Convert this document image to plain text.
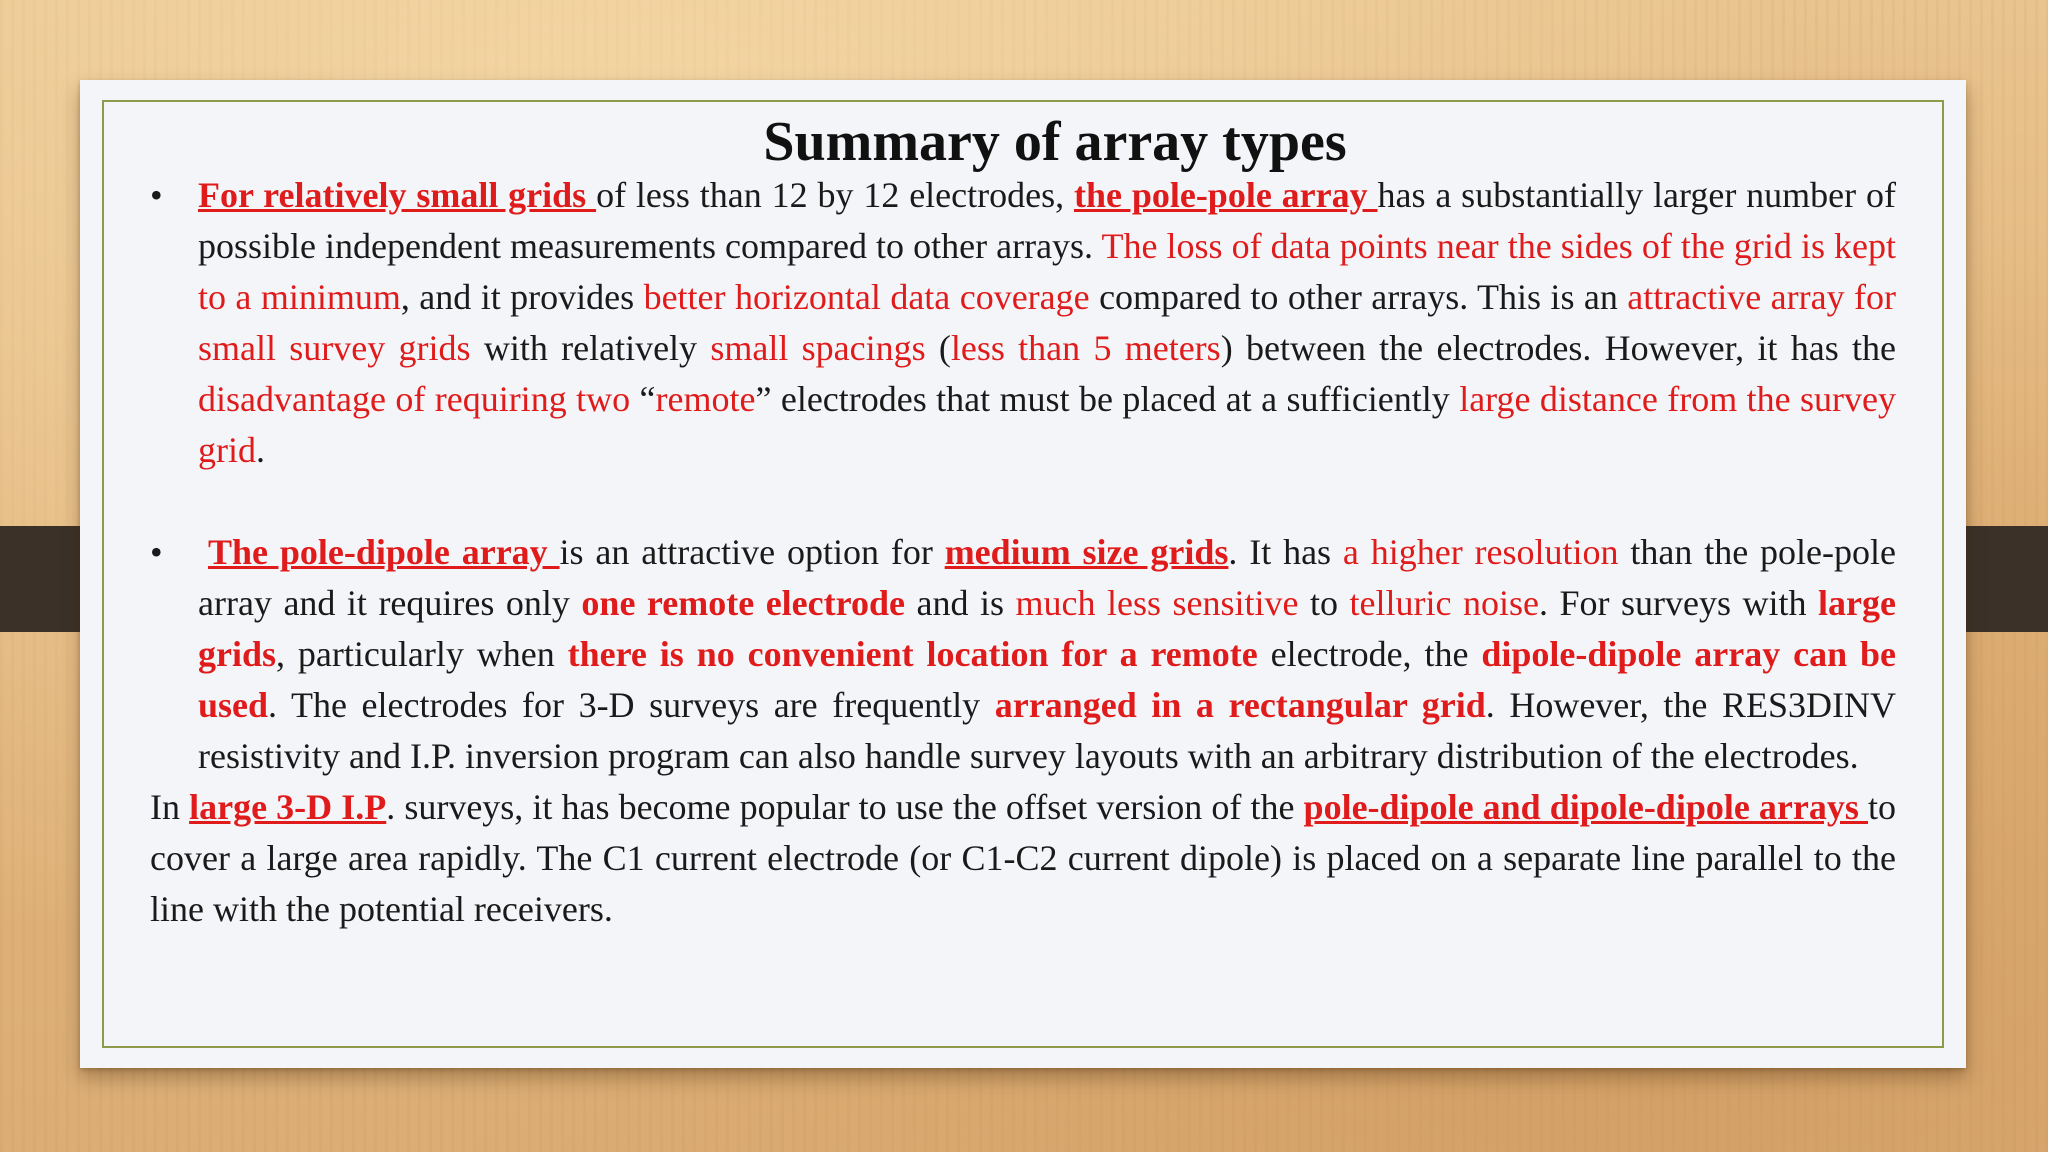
Summary of array types

• For relatively small grids of less than 12 by 12 electrodes, the pole-pole array has a substantially larger number of possible independent measurements compared to other arrays. The loss of data points near the sides of the grid is kept to a minimum, and it provides better horizontal data coverage compared to other arrays. This is an attractive array for small survey grids with relatively small spacings (less than 5 meters) between the electrodes. However, it has the disadvantage of requiring two “remote” electrodes that must be placed at a sufficiently large distance from the survey grid.

• The pole-dipole array is an attractive option for medium size grids. It has a higher resolution than the pole-pole array and it requires only one remote electrode and is much less sensitive to telluric noise. For surveys with large grids, particularly when there is no convenient location for a remote electrode, the dipole-dipole array can be used. The electrodes for 3-D surveys are frequently arranged in a rectangular grid. However, the RES3DINV resistivity and I.P. inversion program can also handle survey layouts with an arbitrary distribution of the electrodes.

In large 3-D I.P. surveys, it has become popular to use the offset version of the pole-dipole and dipole-dipole arrays to cover a large area rapidly. The C1 current electrode (or C1-C2 current dipole) is placed on a separate line parallel to the line with the potential receivers.
